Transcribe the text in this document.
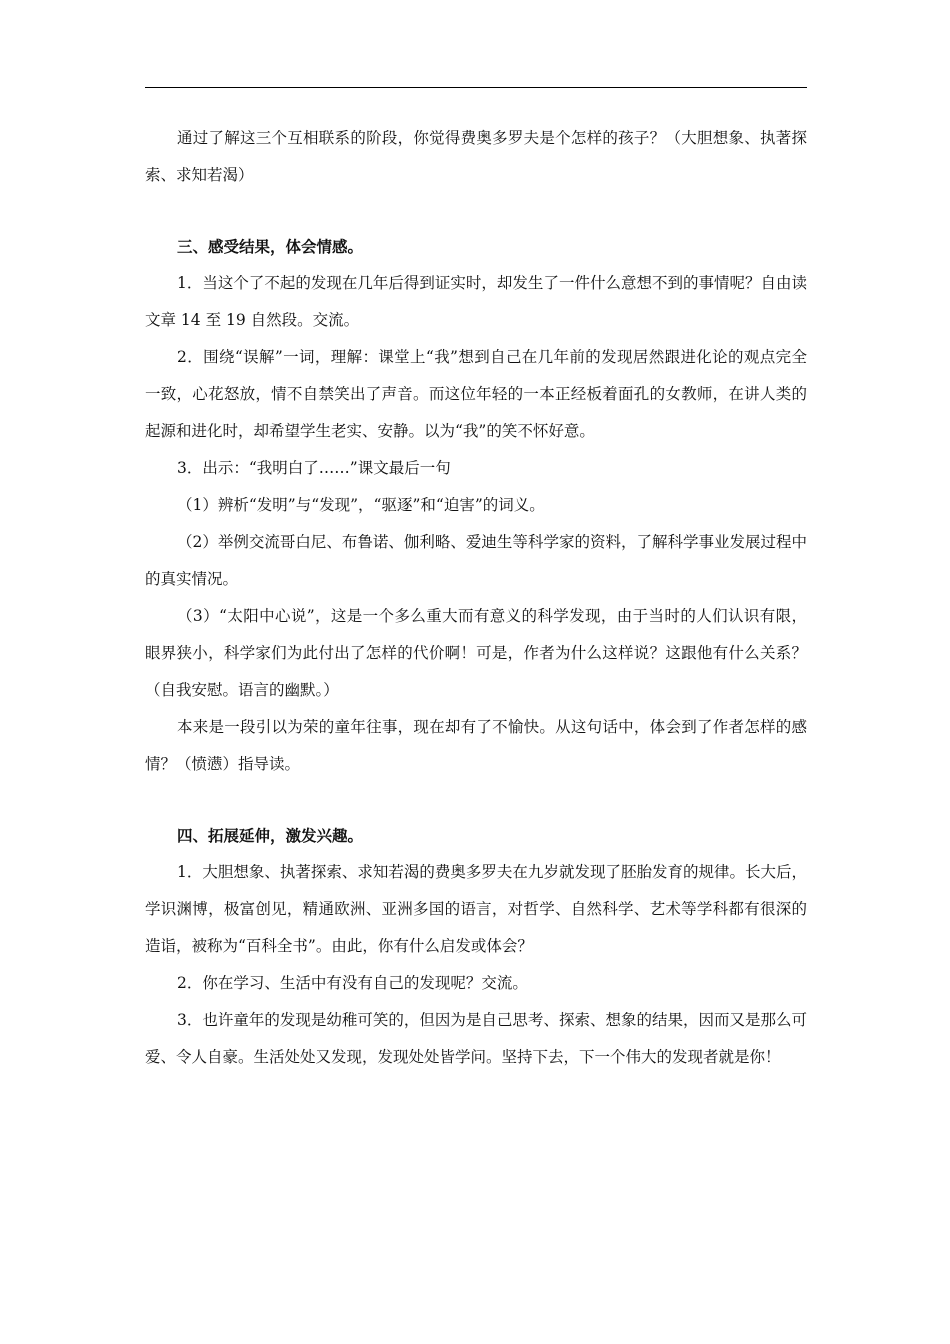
通过了解这三个互相联系的阶段，你觉得费奥多罗夫是个怎样的孩子？（大胆想象、执著探索、求知若渴）

三、感受结果，体会情感。

1．当这个了不起的发现在几年后得到证实时，却发生了一件什么意想不到的事情呢？自由读文章 14 至 19 自然段。交流。

2．围绕“误解”一词，理解：课堂上“我”想到自己在几年前的发现居然跟进化论的观点完全一致，心花怒放，情不自禁笑出了声音。而这位年轻的一本正经板着面孔的女教师，在讲人类的起源和进化时，却希望学生老实、安静。以为“我”的笑不怀好意。

3．出示：“我明白了……”课文最后一句

（1）辨析“发明”与“发现”，“驱逐”和“迫害”的词义。

（2）举例交流哥白尼、布鲁诺、伽利略、爱迪生等科学家的资料，了解科学事业发展过程中的真实情况。

（3）“太阳中心说”，这是一个多么重大而有意义的科学发现，由于当时的人们认识有限，眼界狭小，科学家们为此付出了怎样的代价啊！可是，作者为什么这样说？这跟他有什么关系？（自我安慰。语言的幽默。）

本来是一段引以为荣的童年往事，现在却有了不愉快。从这句话中，体会到了作者怎样的感情？（愤懑）指导读。

四、拓展延伸，激发兴趣。

1．大胆想象、执著探索、求知若渴的费奥多罗夫在九岁就发现了胚胎发育的规律。长大后，学识渊博，极富创见，精通欧洲、亚洲多国的语言，对哲学、自然科学、艺术等学科都有很深的造诣，被称为“百科全书”。由此，你有什么启发或体会？

2．你在学习、生活中有没有自己的发现呢？交流。

3．也许童年的发现是幼稚可笑的，但因为是自己思考、探索、想象的结果，因而又是那么可爱、令人自豪。生活处处又发现，发现处处皆学问。坚持下去，下一个伟大的发现者就是你！
